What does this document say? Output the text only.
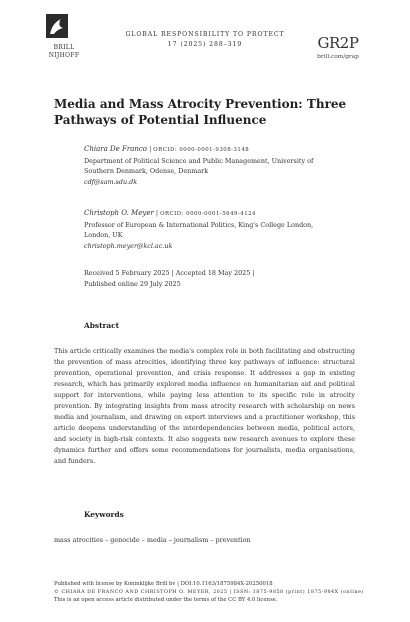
BRILL
NIJHOFF
GLOBAL RESPONSIBILITY TO PROTECT
17 (2025) 288–319	GR2P
brill.com/grap
Media and Mass Atrocity Prevention: Three Pathways of Potential Influence
Chiara De Franco | ORCID: 0000-0001-9308-3148
Department of Political Science and Public Management, University of
Southern Denmark, Odense, Denmark
cdf@sam.sdu.dk
Christoph O. Meyer | ORCID: 0000-0001-5649-4124
Professor of European & International Politics, King's College London,
London, UK
christoph.meyer@kcl.ac.uk
Received 5 February 2025 | Accepted 18 May 2025 |
Published online 29 July 2025
Abstract
This article critically examines the media's complex role in both facilitating and obstructing the prevention of mass atrocities, identifying three key pathways of influence: structural prevention, operational prevention, and crisis response. It addresses a gap in existing research, which has primarily explored media influence on humanitarian aid and political support for interventions, while paying less attention to its specific role in atrocity prevention. By integrating insights from mass atrocity research with scholarship on news media and journalism, and drawing on expert interviews and a practitioner workshop, this article deepens understanding of the interdependencies between media, political actors, and society in high-risk contexts. It also suggests new research avenues to explore these dynamics further and offers some recommendations for journalists, media organisations, and funders.
Keywords
mass atrocities – genocide – media – journalism – prevention
Published with license by Koninklijke Brill bv | DOI:10.1163/1875984X-20250018
© CHIARA DE FRANCO AND CHRISTOPH O. MEYER, 2025 | ISSN: 1875-9858 (print) 1875-984X (online)
This is an open access article distributed under the terms of the CC BY 4.0 license.
